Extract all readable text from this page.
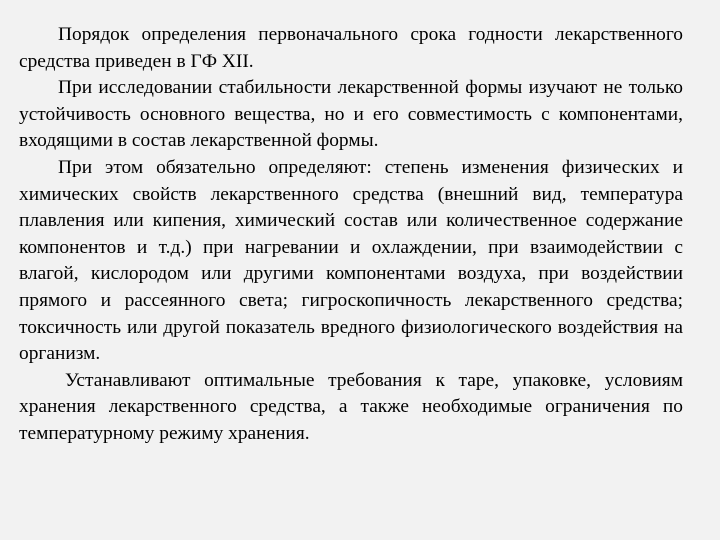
Порядок определения первоначального срока годности лекарственного средства приведен в ГФ XII.

При исследовании стабильности лекарственной формы изучают не только устойчивость основного вещества, но и его совместимость с компонентами, входящими в состав лекарственной формы.

При этом обязательно определяют: степень изменения физических и химических свойств лекарственного средства (внешний вид, температура плавления или кипения, химический состав или количественное содержание компонентов и т.д.) при нагревании и охлаждении, при взаимодействии с влагой, кислородом или другими компонентами воздуха, при воздействии прямого и рассеянного света; гигроскопичность лекарственного средства; токсичность или другой показатель вредного физиологического воздействия на организм.

Устанавливают оптимальные требования к таре, упаковке, условиям хранения лекарственного средства, а также необходимые ограничения по температурному режиму хранения.
